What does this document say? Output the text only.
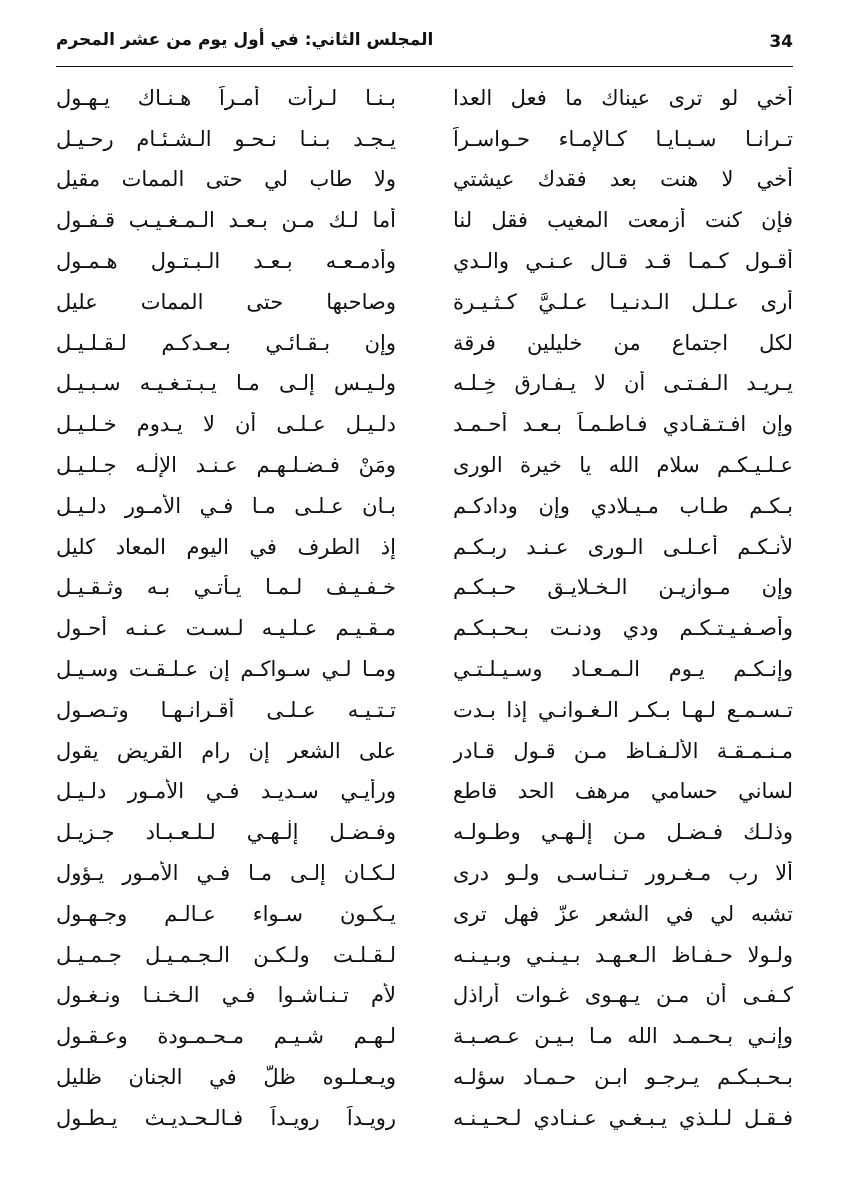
34
المجلس الثاني: في أول يوم من عشر المحرم
أخي لو ترى عيناك ما فعل العدا
بـنـا لـرأت أمـراً هـنـاك يـهـول
تـرانـا سـبـايـا كـالإمـاء حـواسـراً
يـجـد بـنـا نـحـو الـشـئـام رحـيـل
أخي لا هنت بعد فقدك عيشتي
ولا طاب لي حتى الممات مقيل
فإن كنت أزمعت المغيب فقل لنا
أما لـك مـن بـعـد الـمـغـيـب قـفـول
أقـول كـمـا قـد قـال عـنـي والـدي
وأدمـعـه بـعـد الـبـتـول هـمـول
أرى عـلـل الـدنـيـا عـلـيَّ كـثـيـرة
وصاحبها حتى الممات عليل
لكل اجتماع من خليلين فرقة
وإن بـقـائـي بـعـدكـم لـقـلـيـل
يـريـد الـفـتـى أن لا يـفـارق خِـلـه
ولـيـس إلـى مـا يـبـتـغـيـه سـبـيـل
وإن افـتـقـادي فـاطـمـاً بـعـد أحـمـد
دلـيـل عـلـى أن لا يـدوم خـلـيـل
عـلـيـكـم سلام الله يا خيرة الورى
ومَنْ فـضـلـهـم عـنـد الإلٰـه جـلـيـل
بـكـم طـاب مـيـلادي وإن ودادكـم
بـان عـلـى مـا فـي الأمـور دلـيـل
لأنـكـم أعـلـى الـورى عـنـد ربـكـم
إذ الطرف في اليوم المعاد كليل
وإن مـوازيـن الـخـلايـق حـبـكـم
خـفـيـف لـمـا يـأتـي بـه وثـقـيـل
وأصـفـيـتـكـم ودي ودنـت بـحـبـكـم
مـقـيـم عـلـيـه لـسـت عـنـه أحـول
وإنـكـم يـوم الـمـعـاد وسـيـلـتـي
ومـا لـي سـواكـم إن عـلـقـت وسـيـل
تـسـمـع لـهـا بـكـر الـغـوانـي إذا بـدت
تـتـيـه عـلـى أقـرانـهـا وتـصـول
مـنـمـقـة الألـفـاظ مـن قـول قـادر
على الشعر إن رام القريض يقول
لساني حسامي مرهف الحد قاطع
ورأيـي سـديـد فـي الأمـور دلـيـل
وذلـك فـضـل مـن إلٰـهـي وطـولـه
وفـضـل إلٰـهـي لـلـعـبـاد جـزيـل
ألا رب مـغـرور تـنـاسـى ولـو درى
لـكـان إلـى مـا فـي الأمـور يـؤول
تشبه لي في الشعر عزّ فهل ترى
يـكـون سـواء عـالـم وجـهـول
ولـولا حـفـاظ الـعـهـد بـيـنـي وبـيـنـه
لـقـلـت ولـكـن الـجـمـيـل جـمـيـل
كـفـى أن مـن يـهـوى غـوات أراذل
لأم تـنـاشـوا فـي الـخـنـا ونـغـول
وإنـي بـحـمـد الله مـا بـيـن عـصـبـة
لـهـم شـيـم مـحـمـودة وعـقـول
بـحـبـكـم يـرجـو ابـن حـمـاد سؤلـه
ويـعـلـوه ظلّ في الجنان ظليل
فـقـل لـلـذي يـبـغـي عـنـادي لـحـيـنـه
رويـداً رويـداً فـالـحـديـث يـطـول
